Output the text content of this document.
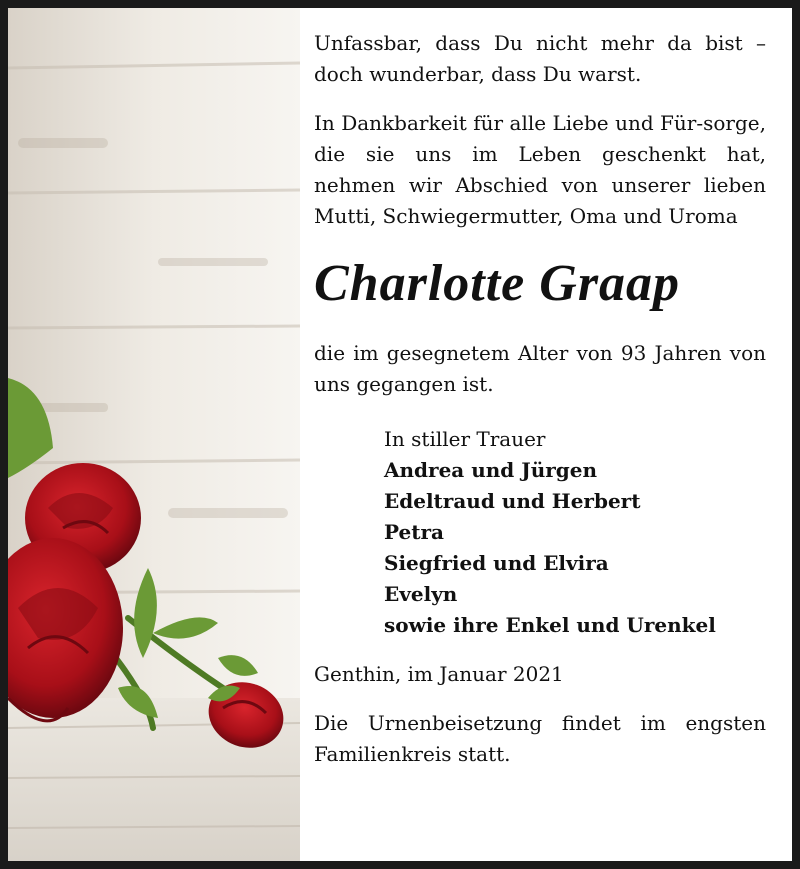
Unfassbar, dass Du nicht mehr da bist – doch wunderbar, dass Du warst.

In Dankbarkeit für alle Liebe und Für-sorge, die sie uns im Leben geschenkt hat, nehmen wir Abschied von unserer lieben Mutti, Schwiegermutter, Oma und Uroma

Charlotte Graap

die im gesegnetem Alter von 93 Jahren von uns gegangen ist.

In stiller Trauer
Andrea und Jürgen
Edeltraud und Herbert
Petra
Siegfried und Elvira
Evelyn
sowie ihre Enkel und Urenkel

Genthin, im Januar 2021

Die Urnenbeisetzung findet im engsten Familienkreis statt.
